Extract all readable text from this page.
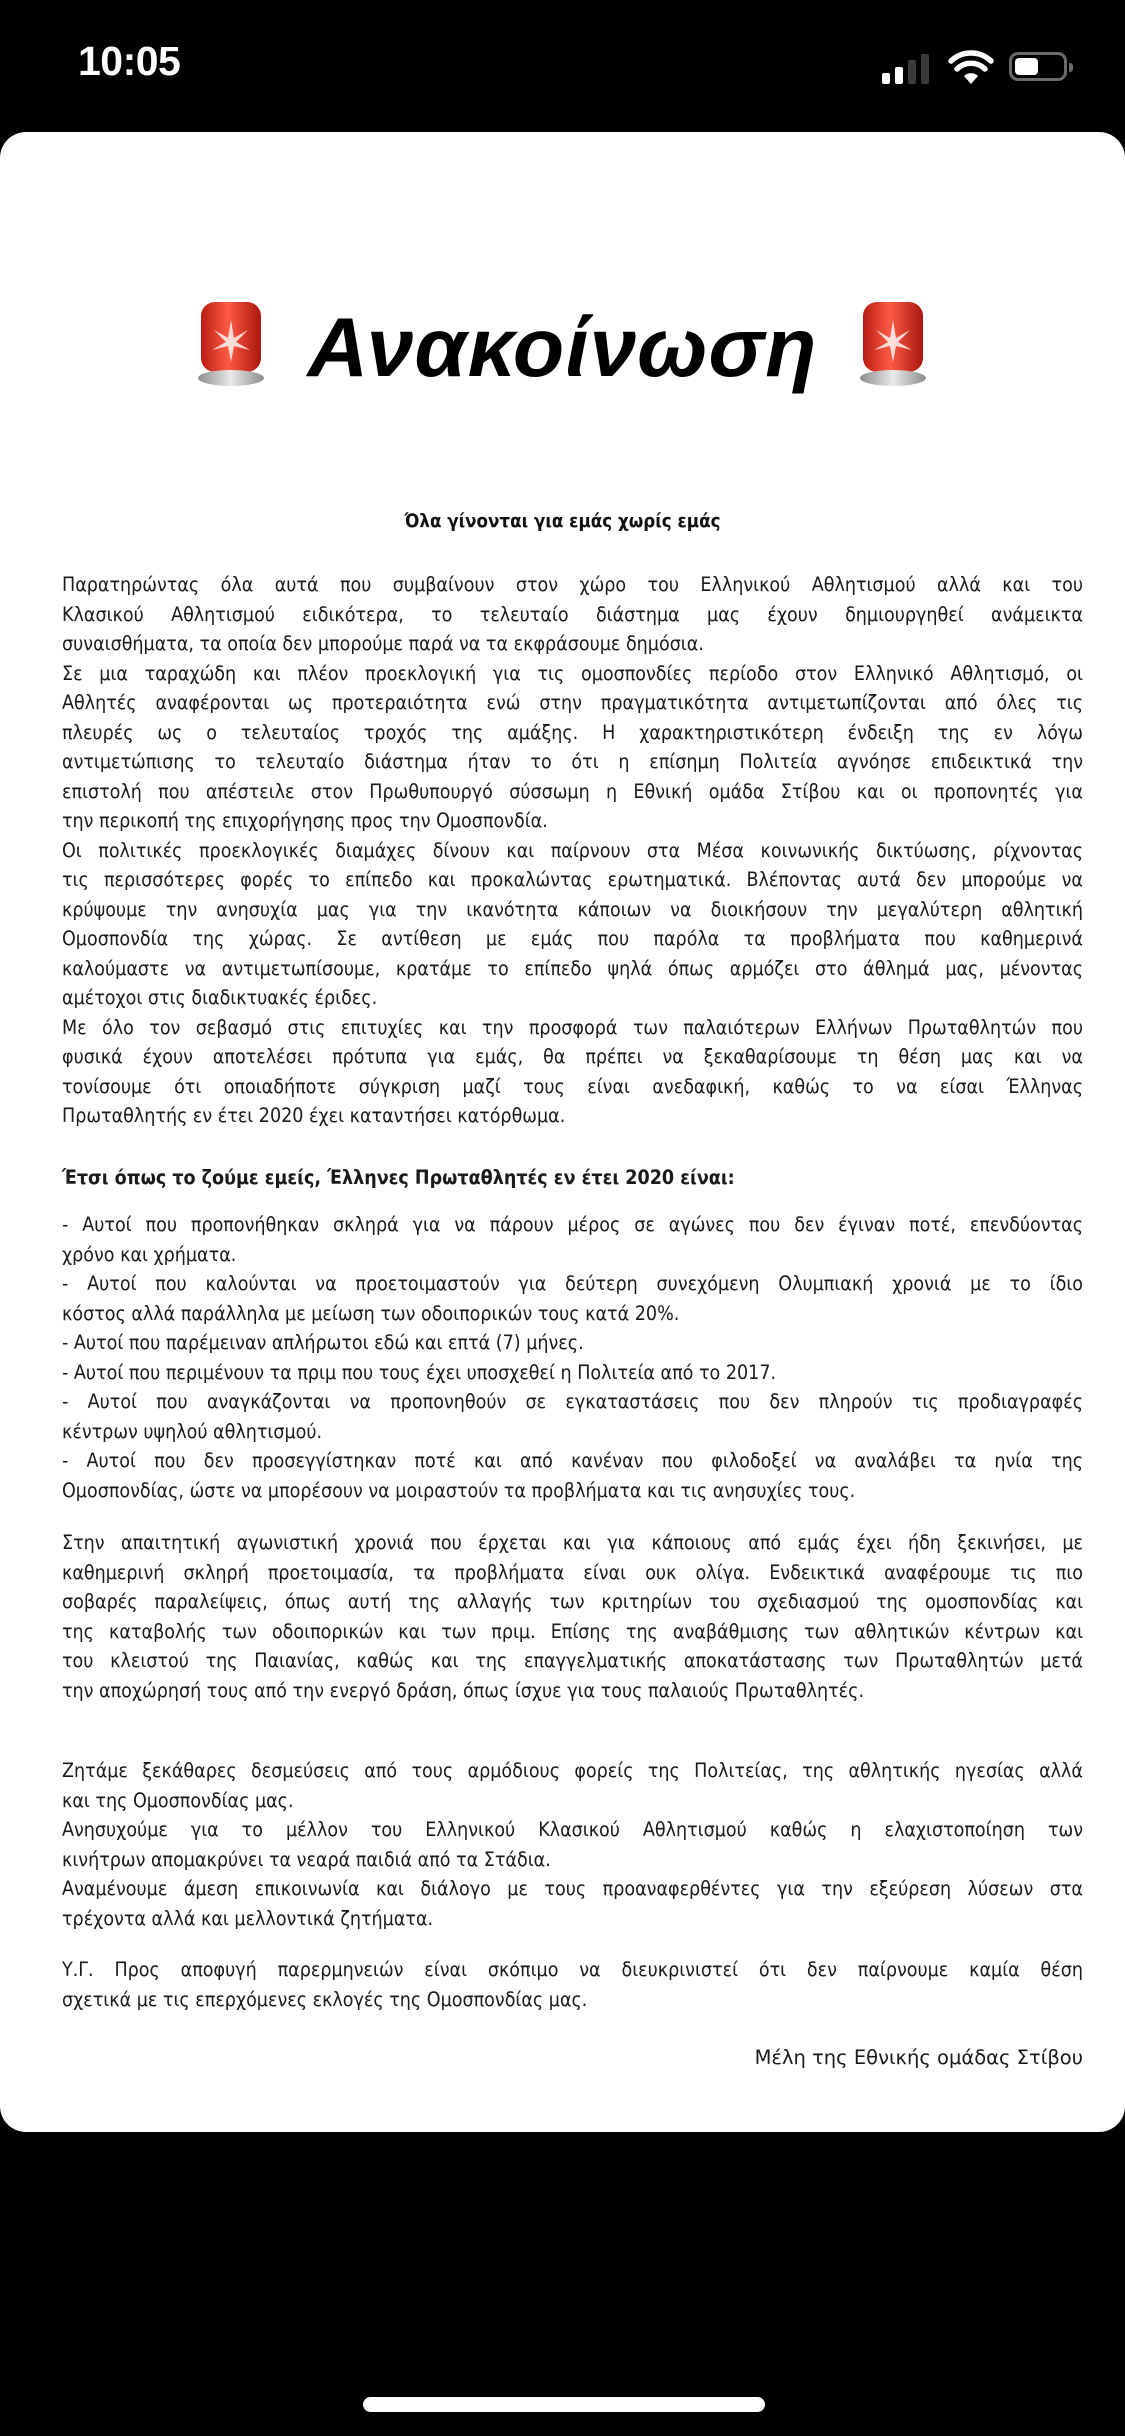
10:05
Ανακοίνωση
Όλα γίνονται για εμάς χωρίς εμάς
Παρατηρώντας όλα αυτά που συμβαίνουν στον χώρο του Ελληνικού Αθλητισμού αλλά και του
Κλασικού Αθλητισμού ειδικότερα, το τελευταίο διάστημα μας έχουν δημιουργηθεί ανάμεικτα
συναισθήματα, τα οποία δεν μπορούμε παρά να τα εκφράσουμε δημόσια.
Σε μια ταραχώδη και πλέον προεκλογική για τις ομοσπονδίες περίοδο στον Ελληνικό Αθλητισμό, οι
Αθλητές αναφέρονται ως προτεραιότητα ενώ στην πραγματικότητα αντιμετωπίζονται από όλες τις
πλευρές ως ο τελευταίος τροχός της αμάξης. Η χαρακτηριστικότερη ένδειξη της εν λόγω
αντιμετώπισης το τελευταίο διάστημα ήταν το ότι η επίσημη Πολιτεία αγνόησε επιδεικτικά την
επιστολή που απέστειλε στον Πρωθυπουργό σύσσωμη η Εθνική ομάδα Στίβου και οι προπονητές για
την περικοπή της επιχορήγησης προς την Ομοσπονδία.
Οι πολιτικές προεκλογικές διαμάχες δίνουν και παίρνουν στα Μέσα κοινωνικής δικτύωσης, ρίχνοντας
τις περισσότερες φορές το επίπεδο και προκαλώντας ερωτηματικά. Βλέποντας αυτά δεν μπορούμε να
κρύψουμε την ανησυχία μας για την ικανότητα κάποιων να διοικήσουν την μεγαλύτερη αθλητική
Ομοσπονδία της χώρας. Σε αντίθεση με εμάς που παρόλα τα προβλήματα που καθημερινά
καλούμαστε να αντιμετωπίσουμε, κρατάμε το επίπεδο ψηλά όπως αρμόζει στο άθλημά μας, μένοντας
αμέτοχοι στις διαδικτυακές έριδες.
Με όλο τον σεβασμό στις επιτυχίες και την προσφορά των παλαιότερων Ελλήνων Πρωταθλητών που
φυσικά έχουν αποτελέσει πρότυπα για εμάς, θα πρέπει να ξεκαθαρίσουμε τη θέση μας και να
τονίσουμε ότι οποιαδήποτε σύγκριση μαζί τους είναι ανεδαφική, καθώς το να είσαι Έλληνας
Πρωταθλητής εν έτει 2020 έχει καταντήσει κατόρθωμα.
Έτσι όπως το ζούμε εμείς, Έλληνες Πρωταθλητές εν έτει 2020 είναι:
- Αυτοί που προπονήθηκαν σκληρά για να πάρουν μέρος σε αγώνες που δεν έγιναν ποτέ, επενδύοντας
χρόνο και χρήματα.
- Αυτοί που καλούνται να προετοιμαστούν για δεύτερη συνεχόμενη Ολυμπιακή χρονιά με το ίδιο
κόστος αλλά παράλληλα με μείωση των οδοιπορικών τους κατά 20%.
- Αυτοί που παρέμειναν απλήρωτοι εδώ και επτά (7) μήνες.
- Αυτοί που περιμένουν τα πριμ που τους έχει υποσχεθεί η Πολιτεία από το 2017.
- Αυτοί που αναγκάζονται να προπονηθούν σε εγκαταστάσεις που δεν πληρούν τις προδιαγραφές
κέντρων υψηλού αθλητισμού.
- Αυτοί που δεν προσεγγίστηκαν ποτέ και από κανέναν που φιλοδοξεί να αναλάβει τα ηνία της
Ομοσπονδίας, ώστε να μπορέσουν να μοιραστούν τα προβλήματα και τις ανησυχίες τους.
Στην απαιτητική αγωνιστική χρονιά που έρχεται και για κάποιους από εμάς έχει ήδη ξεκινήσει, με
καθημερινή σκληρή προετοιμασία, τα προβλήματα είναι ουκ ολίγα. Ενδεικτικά αναφέρουμε τις πιο
σοβαρές παραλείψεις, όπως αυτή της αλλαγής των κριτηρίων του σχεδιασμού της ομοσπονδίας και
της καταβολής των οδοιπορικών και των πριμ. Επίσης της αναβάθμισης των αθλητικών κέντρων και
του κλειστού της Παιανίας, καθώς και της επαγγελματικής αποκατάστασης των Πρωταθλητών μετά
την αποχώρησή τους από την ενεργό δράση, όπως ίσχυε για τους παλαιούς Πρωταθλητές.
Ζητάμε ξεκάθαρες δεσμεύσεις από τους αρμόδιους φορείς της Πολιτείας, της αθλητικής ηγεσίας αλλά
και της Ομοσπονδίας μας.
Ανησυχούμε για το μέλλον του Ελληνικού Κλασικού Αθλητισμού καθώς η ελαχιστοποίηση των
κινήτρων απομακρύνει τα νεαρά παιδιά από τα Στάδια.
Αναμένουμε άμεση επικοινωνία και διάλογο με τους προαναφερθέντες για την εξεύρεση λύσεων στα
τρέχοντα αλλά και μελλοντικά ζητήματα.
Υ.Γ. Προς αποφυγή παρερμηνειών είναι σκόπιμο να διευκρινιστεί ότι δεν παίρνουμε καμία θέση
σχετικά με τις επερχόμενες εκλογές της Ομοσπονδίας μας.
Μέλη της Εθνικής ομάδας Στίβου
